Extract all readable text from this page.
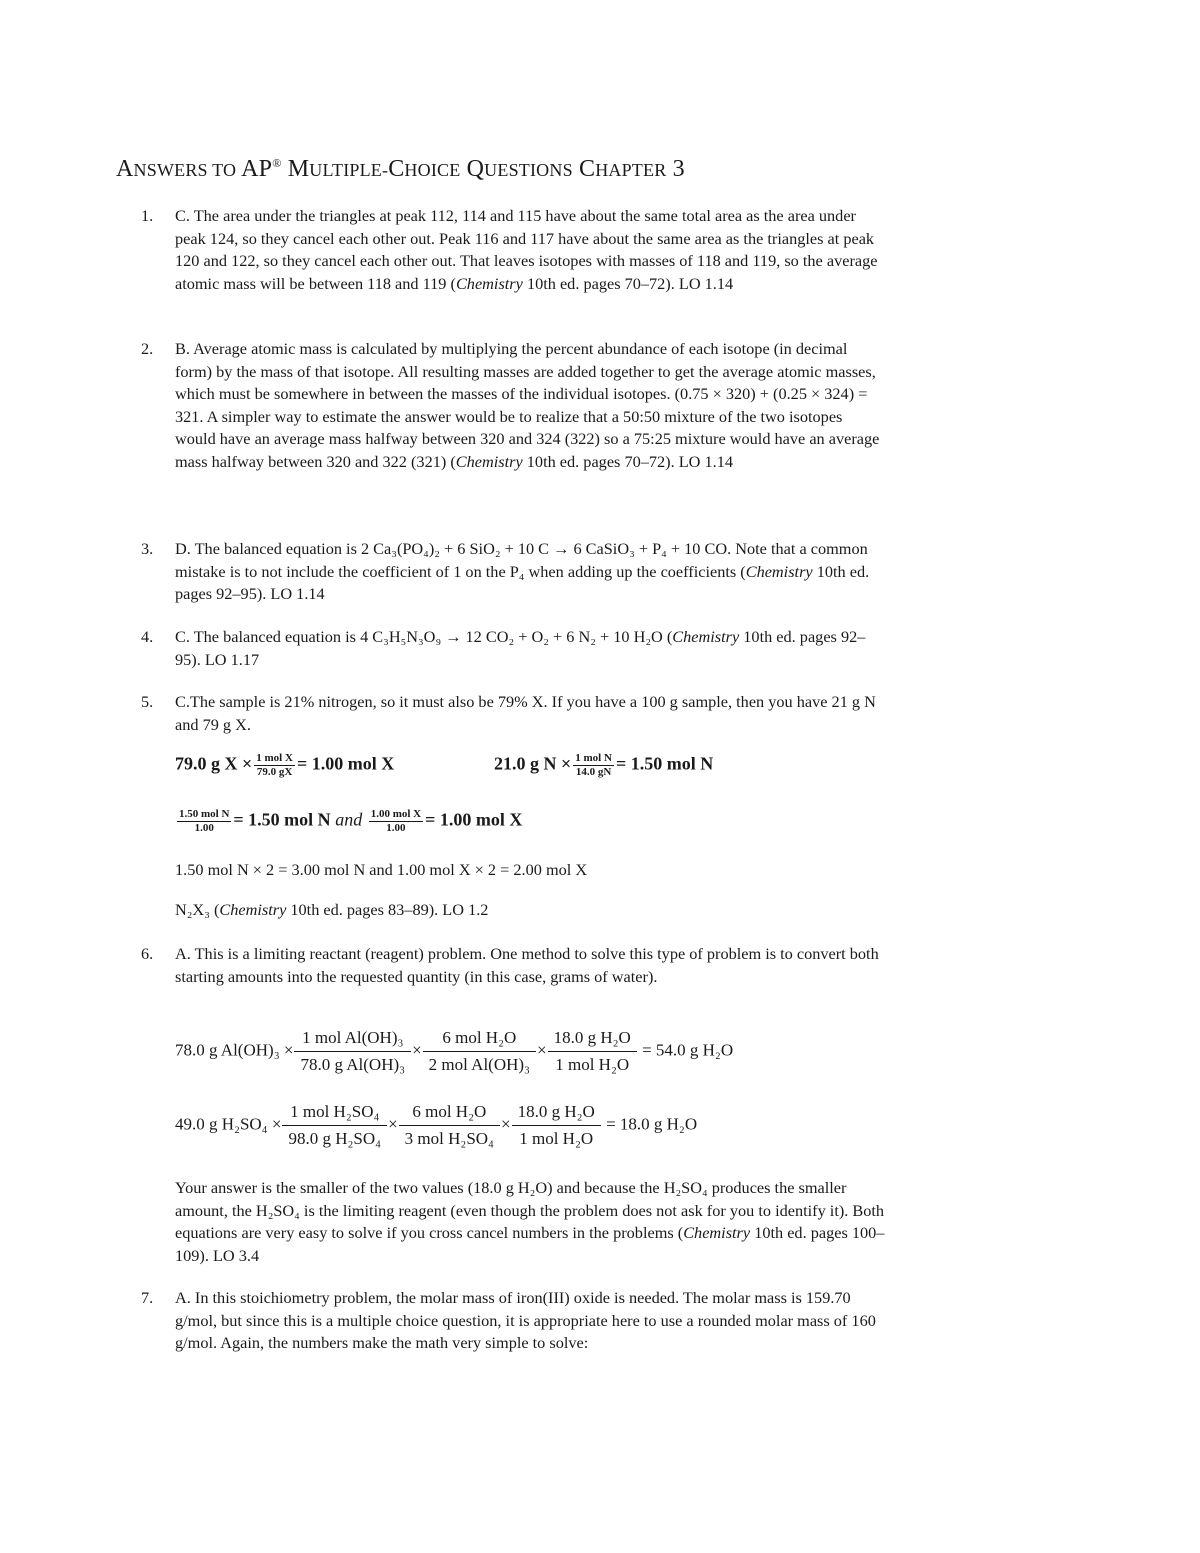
ANSWERS TO AP® MULTIPLE-CHOICE QUESTIONS CHAPTER 3
1.	C. The area under the triangles at peak 112, 114 and 115 have about the same total area as the area under peak 124, so they cancel each other out. Peak 116 and 117 have about the same area as the triangles at peak 120 and 122, so they cancel each other out. That leaves isotopes with masses of 118 and 119, so the average atomic mass will be between 118 and 119 (Chemistry 10th ed. pages 70–72). LO 1.14
2.	B. Average atomic mass is calculated by multiplying the percent abundance of each isotope (in decimal form) by the mass of that isotope. All resulting masses are added together to get the average atomic masses, which must be somewhere in between the masses of the individual isotopes. (0.75 × 320) + (0.25 × 324) = 321. A simpler way to estimate the answer would be to realize that a 50:50 mixture of the two isotopes would have an average mass halfway between 320 and 324 (322) so a 75:25 mixture would have an average mass halfway between 320 and 322 (321) (Chemistry 10th ed. pages 70–72). LO 1.14
3.	D. The balanced equation is 2 Ca₃(PO₄)₂ + 6 SiO₂ + 10 C → 6 CaSiO₃ + P₄ + 10 CO. Note that a common mistake is to not include the coefficient of 1 on the P₄ when adding up the coefficients (Chemistry 10th ed. pages 92–95). LO 1.14
4.	C. The balanced equation is 4 C₃H₅N₃O₉ → 12 CO₂ + O₂ + 6 N₂ + 10 H₂O (Chemistry 10th ed. pages 92–95). LO 1.17
5.	C.The sample is 21% nitrogen, so it must also be 79% X. If you have a 100 g sample, then you have 21 g N and 79 g X.
79.0 g $X \times \frac{\text{1 mol X}}{79.0 gX} = 1.00$ mol X	21.0 g $N \times \frac{\text{1 mol N}}{14.0 gN} = 1.50$ mol N
$\frac{\text{1.50 mol N}}{1.00} = 1.50$ mol N and $\frac{\text{1.00 mol X}}{1.00} = 1.00$ mol X
1.50 mol N × 2 = 3.00 mol N and 1.00 mol X × 2 = 2.00 mol X
N₂X₃ (Chemistry 10th ed. pages 83–89). LO 1.2
6.	A. This is a limiting reactant (reagent) problem. One method to solve this type of problem is to convert both starting amounts into the requested quantity (in this case, grams of water).
78.0 g Al(OH)₃ ×
1 mol Al(OH)₃
78.0 g Al(OH)₃
×
6 mol H₂O
2 mol Al(OH)₃
×
18.0 g H₂O
1 mol H₂O
= 54.0 g H₂O
49.0 g H₂SO₄ ×
1 mol H₂SO₄
98.0 g H₂SO₄
×
6 mol H₂O
3 mol H₂SO₄
×
18.0 g H₂O
1 mol H₂O
= 18.0 g H₂O
Your answer is the smaller of the two values (18.0 g H₂O) and because the H₂SO₄ produces the smaller amount, the H₂SO₄ is the limiting reagent (even though the problem does not ask for you to identify it). Both equations are very easy to solve if you cross cancel numbers in the problems (Chemistry 10th ed. pages 100–109). LO 3.4
7.	A. In this stoichiometry problem, the molar mass of iron(III) oxide is needed. The molar mass is 159.70 g/mol, but since this is a multiple choice question, it is appropriate here to use a rounded molar mass of 160 g/mol. Again, the numbers make the math very simple to solve:
